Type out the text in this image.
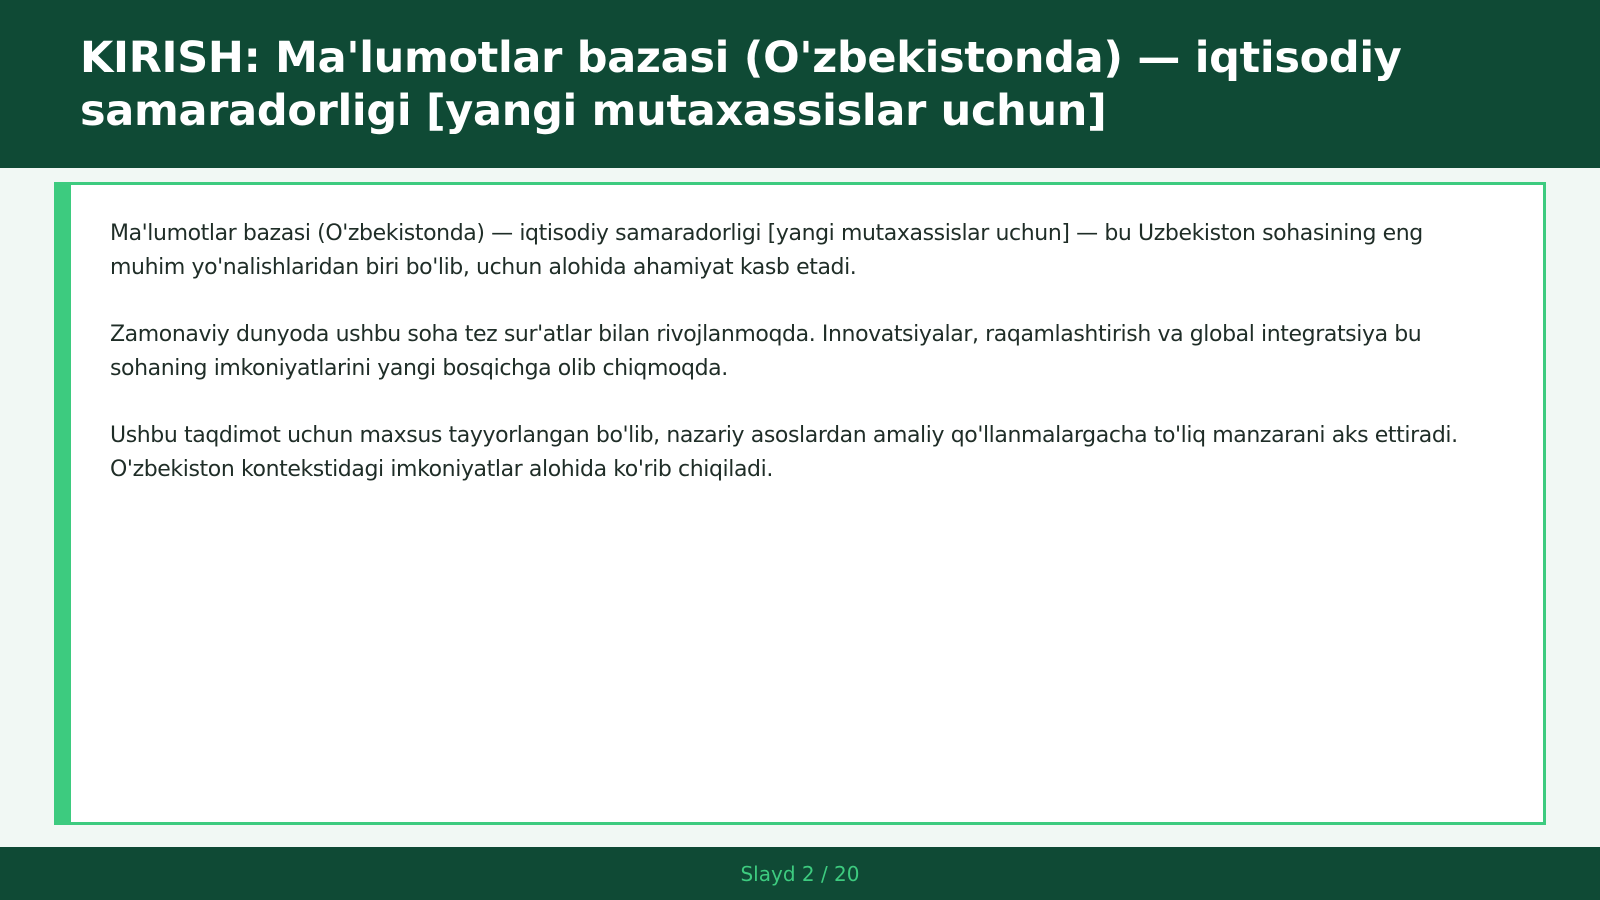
KIRISH: Ma'lumotlar bazasi (O'zbekistonda) — iqtisodiy samaradorligi [yangi mutaxassislar uchun]

Ma'lumotlar bazasi (O'zbekistonda) — iqtisodiy samaradorligi [yangi mutaxassislar uchun] — bu Uzbekiston sohasining eng muhim yo'nalishlaridan biri bo'lib, uchun alohida ahamiyat kasb etadi.

Zamonaviy dunyoda ushbu soha tez sur'atlar bilan rivojlanmoqda. Innovatsiyalar, raqamlashtirish va global integratsiya bu sohaning imkoniyatlarini yangi bosqichga olib chiqmoqda.

Ushbu taqdimot uchun maxsus tayyorlangan bo'lib, nazariy asoslardan amaliy qo'llanmalargacha to'liq manzarani aks ettiradi. O'zbekiston kontekstidagi imkoniyatlar alohida ko'rib chiqiladi.

Slayd 2 / 20
